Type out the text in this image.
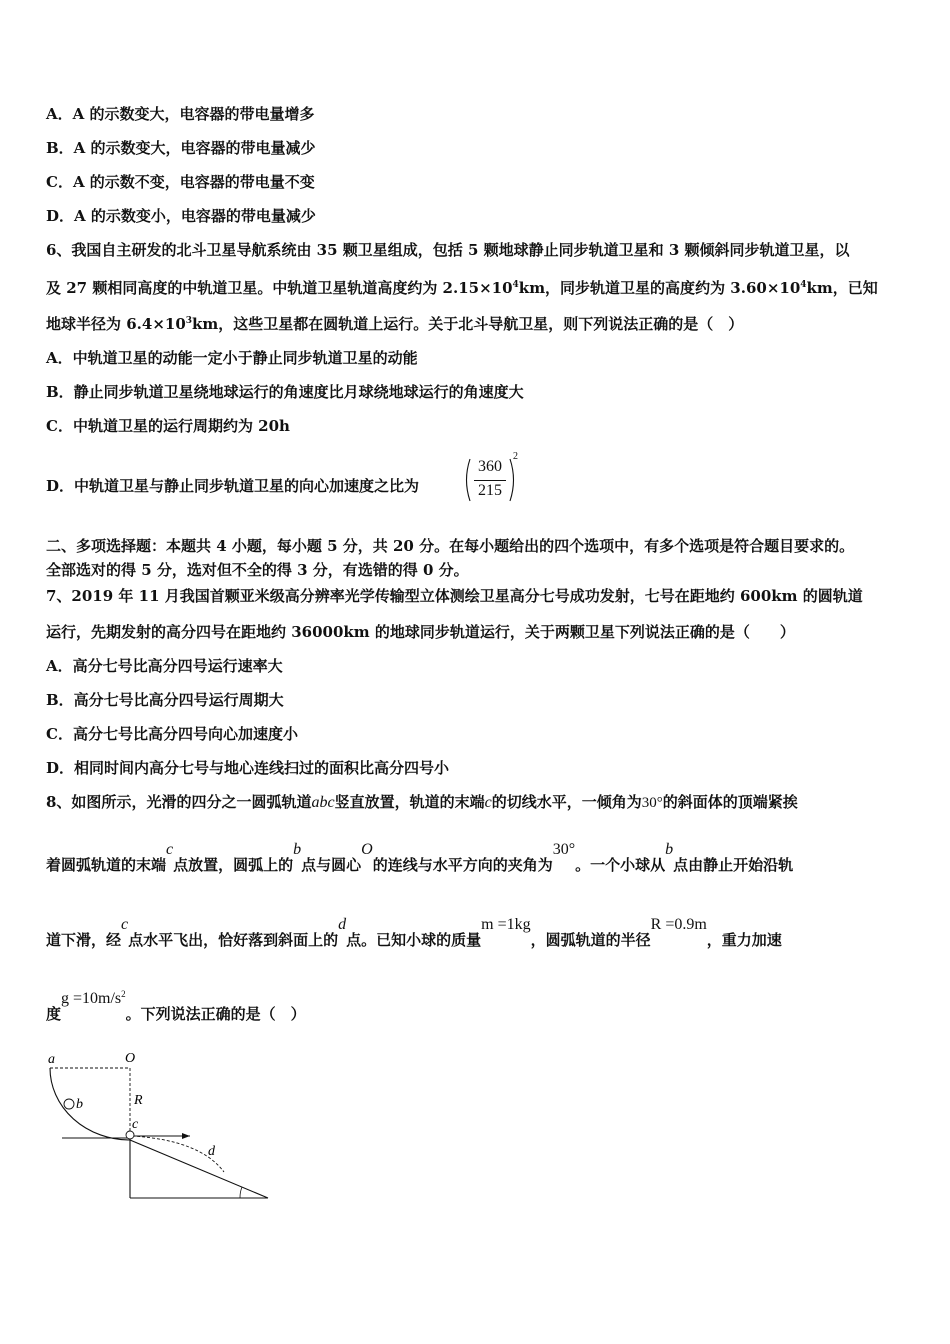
A．A 的示数变大，电容器的带电量增多
B．A 的示数变大，电容器的带电量减少
C．A 的示数不变，电容器的带电量不变
D．A 的示数变小，电容器的带电量减少
6、我国自主研发的北斗卫星导航系统由 35 颗卫星组成，包括 5 颗地球静止同步轨道卫星和 3 颗倾斜同步轨道卫星，以
及 27 颗相同高度的中轨道卫星。中轨道卫星轨道高度约为 $2.15\times 10^4km$，同步轨道卫星的高度约为 $3.60\times 10^4km$，已知
地球半径为 $6.4\times 10^3km$，这些卫星都在圆轨道上运行。关于北斗导航卫星，则下列说法正确的是（　）
A．中轨道卫星的动能一定小于静止同步轨道卫星的动能
B．静止同步轨道卫星绕地球运行的角速度比月球绕地球运行的角速度大
C．中轨道卫星的运行周期约为 20h
D．中轨道卫星与静止同步轨道卫星的向心加速度之比为
360
215
2
二、多项选择题：本题共 4 小题，每小题 5 分，共 20 分。在每小题给出的四个选项中，有多个选项是符合题目要求的。
全部选对的得 5 分，选对但不全的得 3 分，有选错的得 0 分。
7、2019 年 11 月我国首颗亚米级高分辨率光学传输型立体测绘卫星高分七号成功发射，七号在距地约 600km 的圆轨道
运行，先期发射的高分四号在距地约 36000km 的地球同步轨道运行，关于两颗卫星下列说法正确的是（　　）
A．高分七号比高分四号运行速率大
B．高分七号比高分四号运行周期大
C．高分七号比高分四号向心加速度小
D．相同时间内高分七号与地心连线扫过的面积比高分四号小
8、如图所示，光滑的四分之一圆弧轨道abc竖直放置，轨道的末端c的切线水平，一倾角为30°的斜面体的顶端紧挨
着圆弧轨道的末端c点放置，圆弧上的b点与圆心O的连线与水平方向的夹角为30°。一个小球从b点由静止开始沿轨
道下滑，经c点水平飞出，恰好落到斜面上的d点。已知小球的质量m =1kg，圆弧轨道的半径R =0.9m，重力加速
度$g =10m/s^2$。下列说法正确的是（　）
a	O
b	R
c
d
